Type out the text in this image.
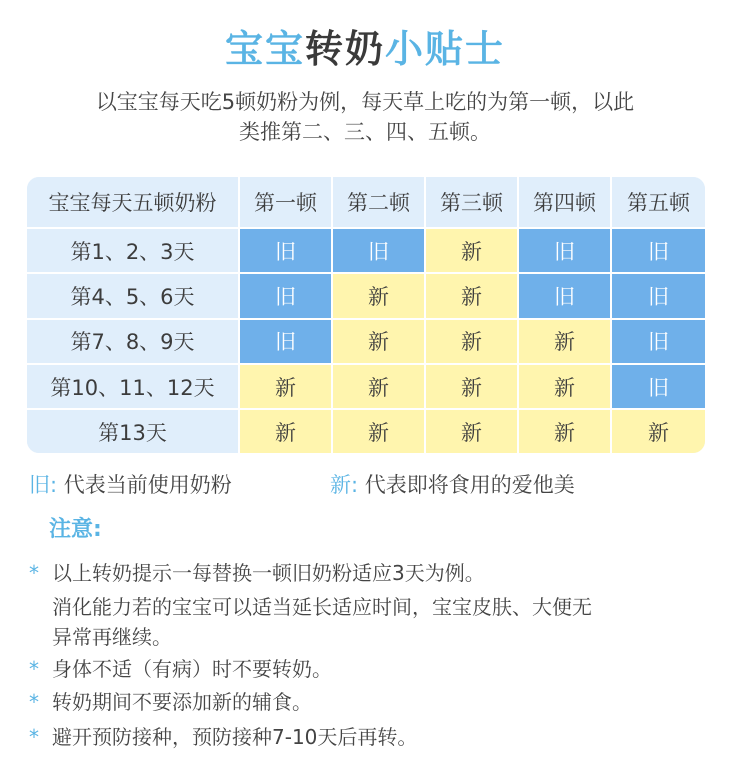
宝宝转奶小贴士
以宝宝每天吃5顿奶粉为例，每天草上吃的为第一顿，以此
类推第二、三、四、五顿。
宝宝每天五顿奶粉	第一顿	第二顿	第三顿	第四顿	第五顿
第1、2、3天	旧	旧	新	旧	旧
第4、5、6天	旧	新	新	旧	旧
第7、8、9天	旧	新	新	新	旧
第10、11、12天	新	新	新	新	旧
第13天	新	新	新	新	新
旧: 代表当前使用奶粉	新: 代表即将食用的爱他美
注意:
* 以上转奶提示一每替换一顿旧奶粉适应3天为例。
消化能力若的宝宝可以适当延长适应时间，宝宝皮肤、大便无
异常再继续。
* 身体不适（有病）时不要转奶。
* 转奶期间不要添加新的辅食。
* 避开预防接种，预防接种7-10天后再转。
